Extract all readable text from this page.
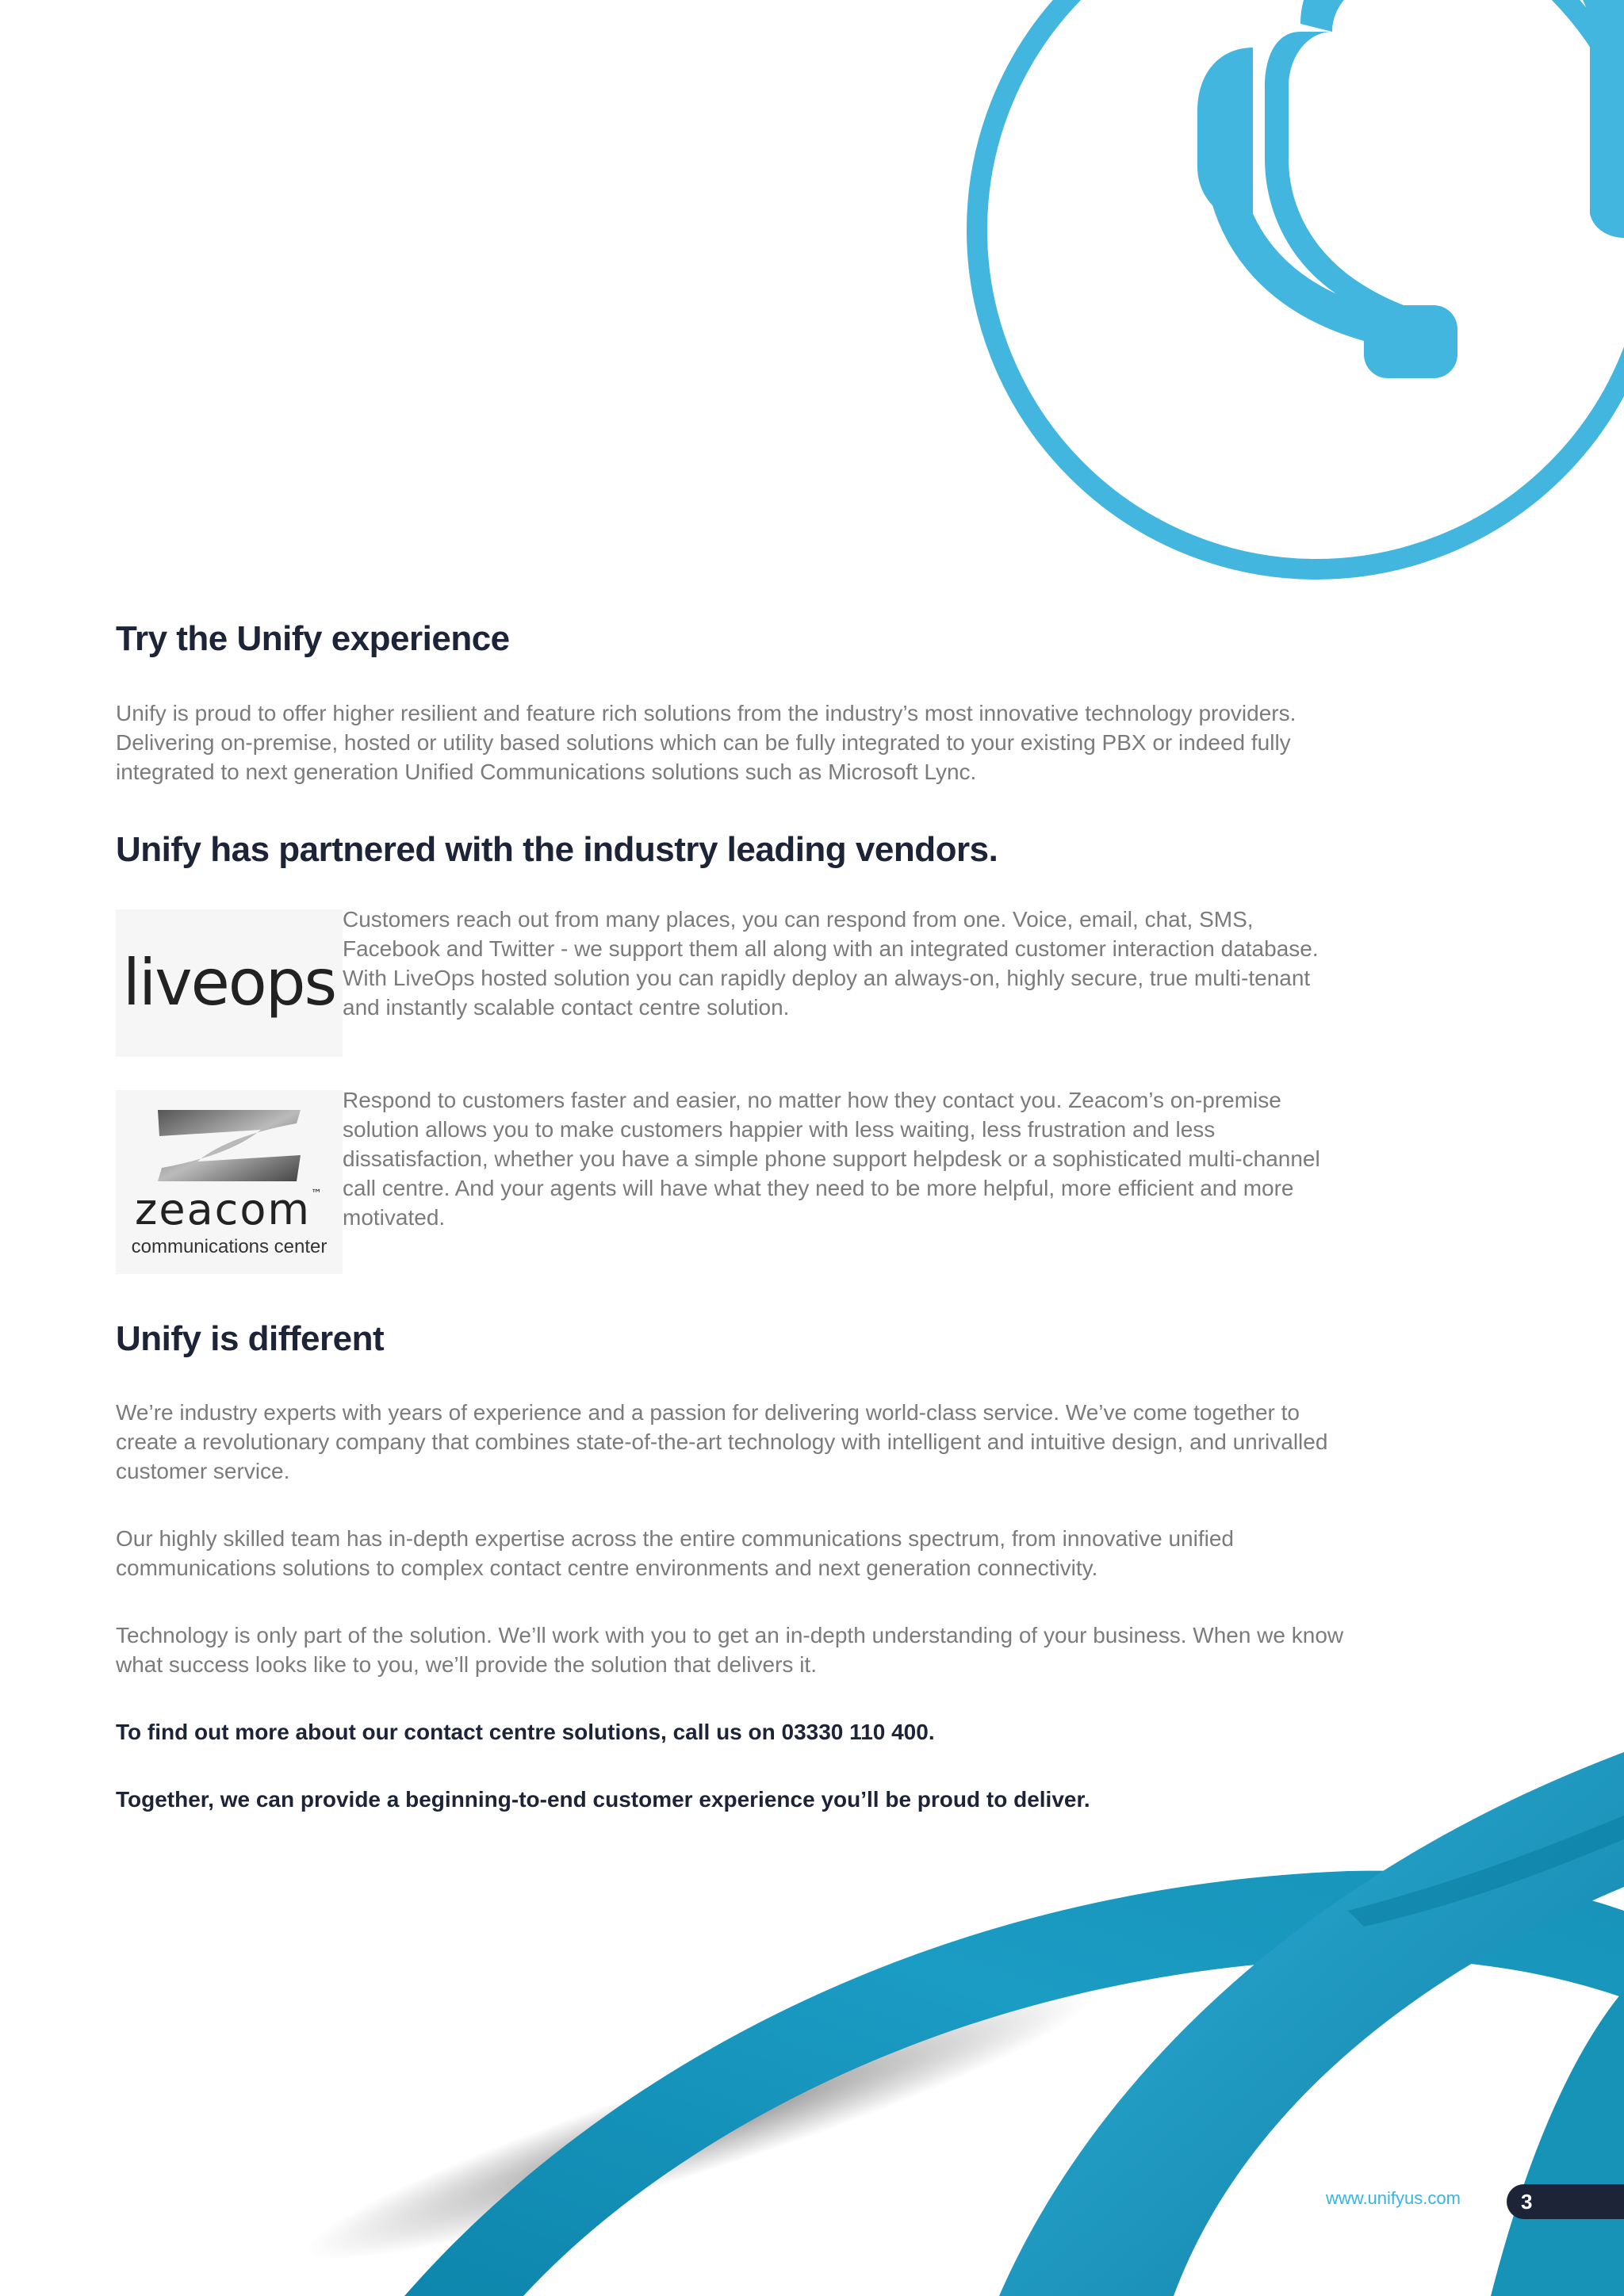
Try the Unify experience

Unify is proud to offer higher resilient and feature rich solutions from the industry’s most innovative technology providers. Delivering on-premise, hosted or utility based solutions which can be fully integrated to your existing PBX or indeed fully integrated to next generation Unified Communications solutions such as Microsoft Lync.

Unify has partnered with the industry leading vendors.
liveops

Customers reach out from many places, you can respond from one. Voice, email, chat, SMS, Facebook and Twitter - we support them all along with an integrated customer interaction database. With LiveOps hosted solution you can rapidly deploy an always-on, highly secure, true multi-tenant and instantly scalable contact centre solution.

zeacom™
communications center

Respond to customers faster and easier, no matter how they contact you. Zeacom’s on-premise solution allows you to make customers happier with less waiting, less frustration and less dissatisfaction, whether you have a simple phone support helpdesk or a sophisticated multi-channel call centre. And your agents will have what they need to be more helpful, more efficient and more motivated.

Unify is different

We’re industry experts with years of experience and a passion for delivering world-class service. We’ve come together to create a revolutionary company that combines state-of-the-art technology with intelligent and intuitive design, and unrivalled customer service.

Our highly skilled team has in-depth expertise across the entire communications spectrum, from innovative unified communications solutions to complex contact centre environments and next generation connectivity.

Technology is only part of the solution. We’ll work with you to get an in-depth understanding of your business. When we know what success looks like to you, we’ll provide the solution that delivers it.

To find out more about our contact centre solutions, call us on 03330 110 400.

Together, we can provide a beginning-to-end customer experience you’ll be proud to deliver.

www.unifyus.com	3
